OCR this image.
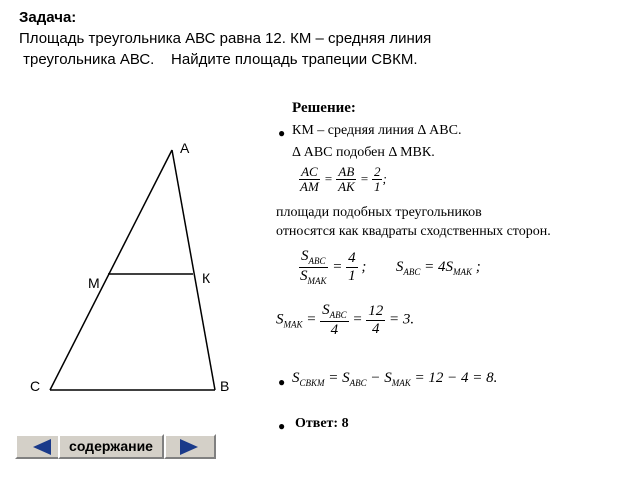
Задача:
Площадь треугольника АВС равна 12. КМ – средняя линия
треугольника АВС.    Найдите площадь трапеции СВКМ.
А
М	К
С	В
Решение:
● КМ – средняя линия Δ АВС.
Δ АВС подобен Δ МВК.
$\frac{AC}{AM} = \frac{AB}{AK} = \frac{2}{1}$ ;
площади подобных треугольников
относятся как квадраты сходственных сторон.
$\frac{S_{ABC}}{S_{MAK}} = \frac{4}{1}$ ; $S_{ABC} = 4S_{MAK}$ ;
$S_{MAK} = \frac{S_{ABC}}{4} = \frac{12}{4} = 3$.
● $S_{CBKM} = S_{ABC} - S_{MAK} = 12 - 4 = 8$.
● Ответ: 8
содержание
